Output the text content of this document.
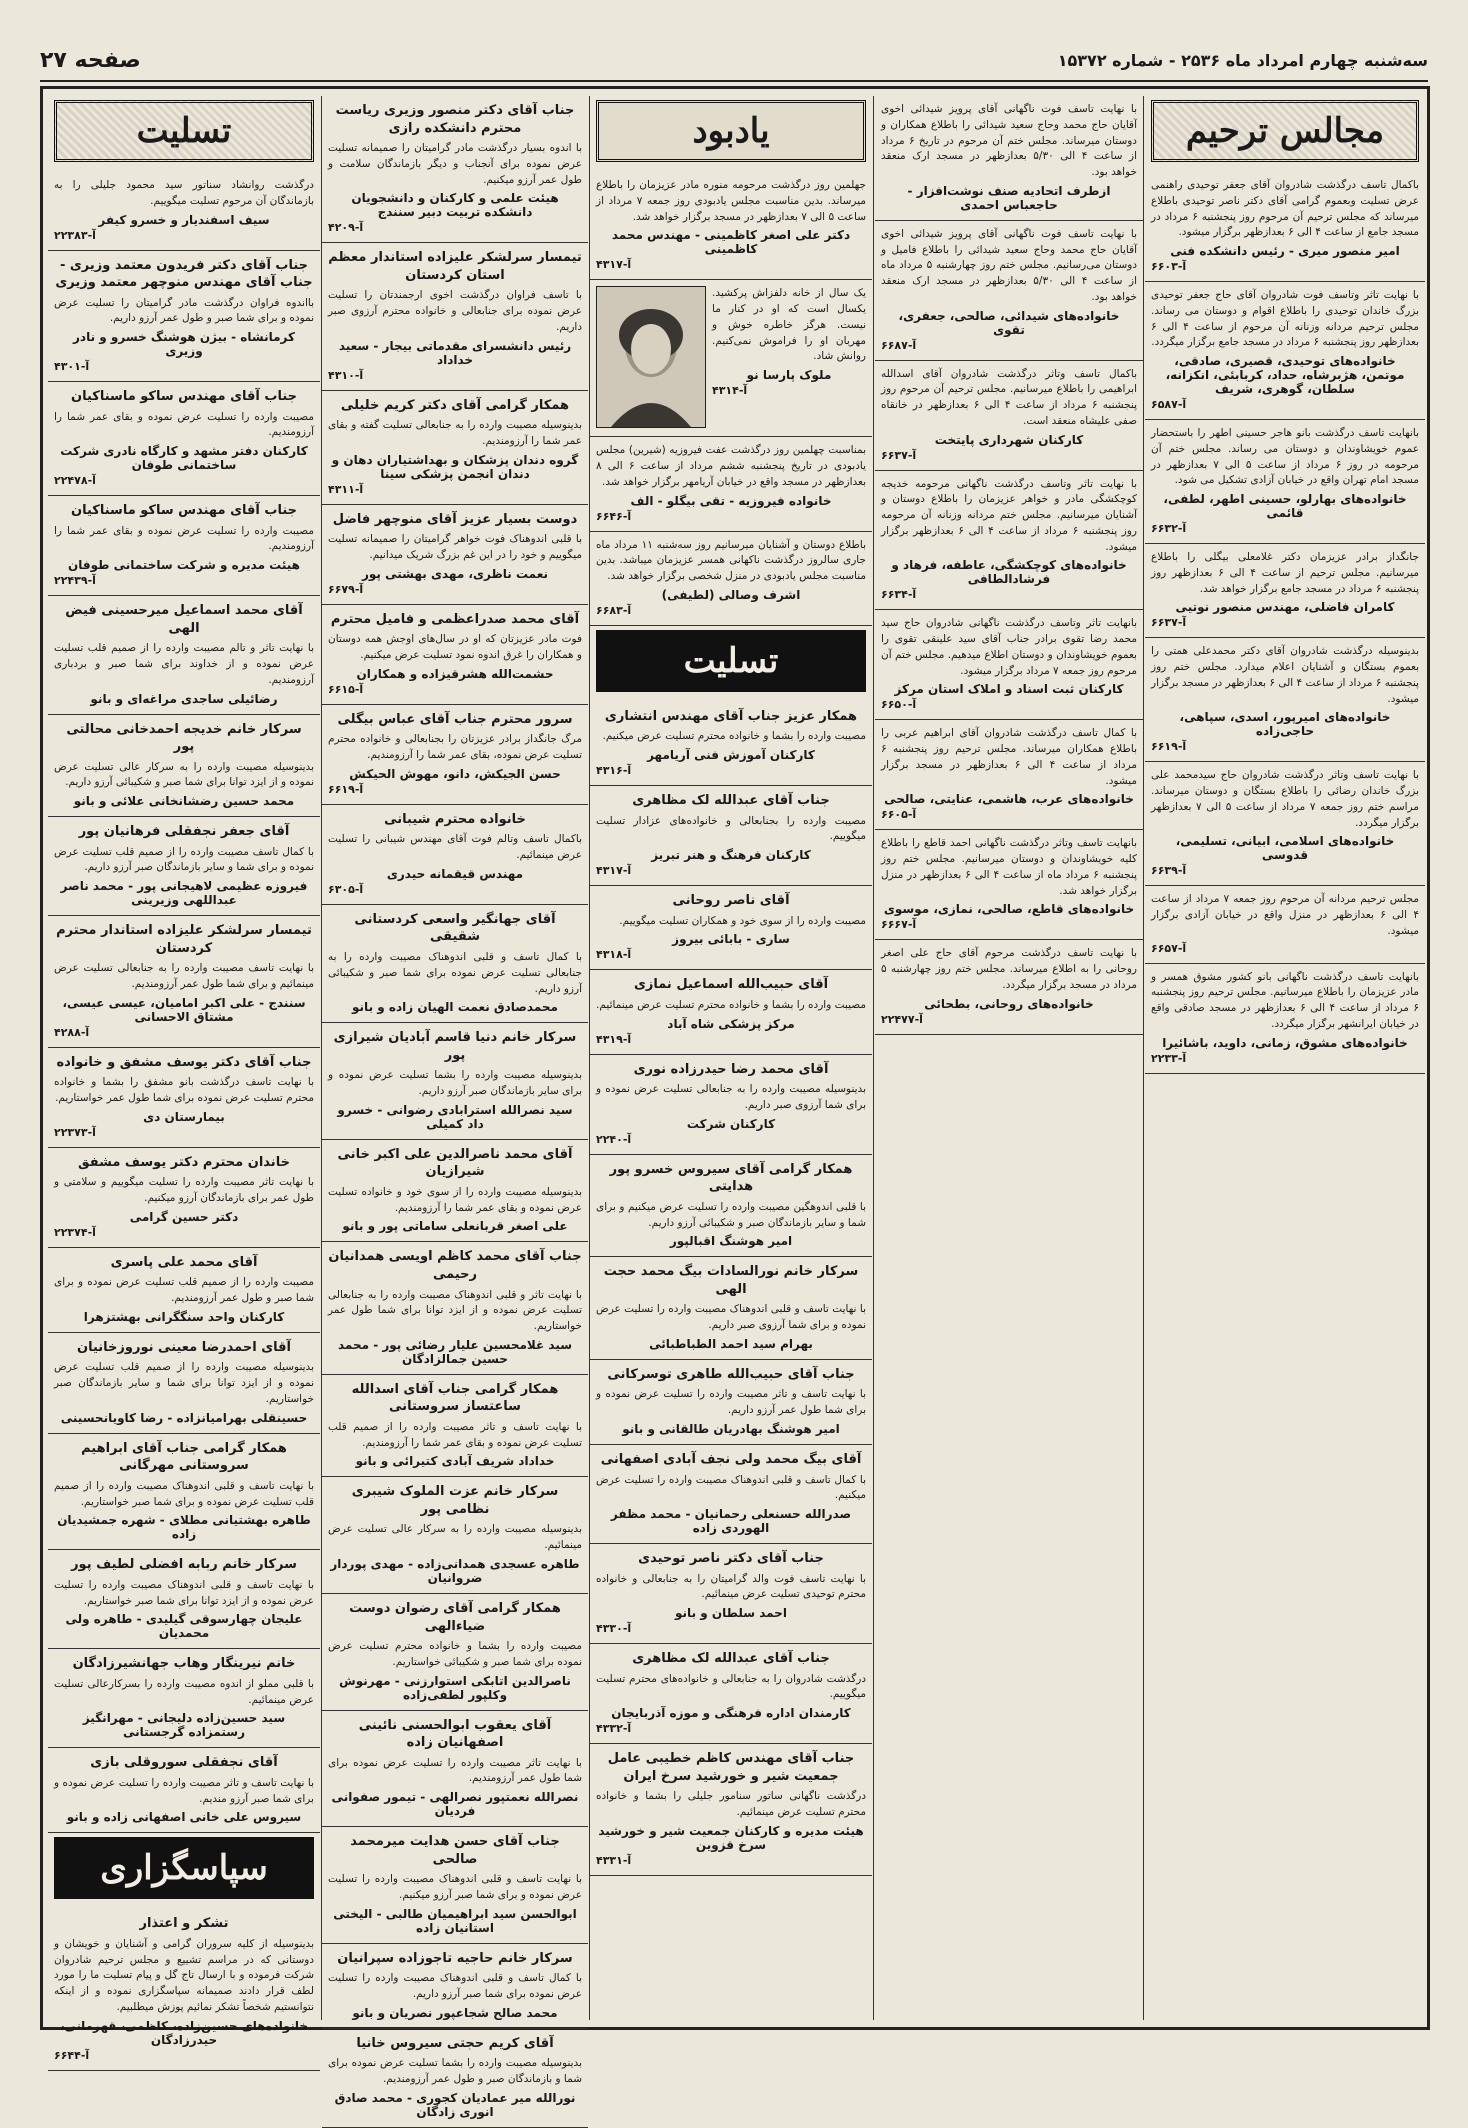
سه‌شنبه چهارم امرداد ماه ۲۵۳۶ - شماره ۱۵۳۷۲
صفحه ۲۷
مجالس ترحیم

باکمال تاسف درگذشت شادروان آقای جعفر توحیدی راهنمی عرض تسلیت وبعموم گرامی آقای دکتر ناصر توحیدی باطلاع میرساند که مجلس ترحیم آن مرحوم روز پنجشنبه ۶ مرداد در مسجد جامع از ساعت ۴ الی ۶ بعدازظهر برگزار میشود.

امیر منصور میری - رئیس دانشکده فنی
آ-۶۶۰۳

با نهایت تاثر وتاسف فوت شادروان آقای حاج جعفر توحیدی بزرگ خاندان توحیدی را باطلاع اقوام و دوستان می رساند. مجلس ترحیم مردانه وزنانه آن مرحوم از ساعت ۴ الی ۶ بعدازظهر روز پنجشنبه ۶ مرداد در مسجد جامع برگزار میگردد.

خانواده‌های توحیدی، قصیری، صادقی، موتمن، هژبرشاه، حداد، کربابئی، انکزانه، سلطان، گوهری، شریف
آ-۶۵۸۷

بانهایت تاسف درگذشت بانو هاجر حسینی اطهر را باستحضار عموم خویشاوندان و دوستان می رساند. مجلس ختم آن مرحومه در روز ۶ مرداد از ساعت ۵ الی ۷ بعدازظهر در مسجد امام تهران واقع در خیابان آزادی تشکیل می شود.

خانواده‌های بهارلو، حسینی اطهر، لطفی، قائمی
آ-۶۶۳۲

جانگداز برادر عزیزمان دکتر غلامعلی بیگلی را باطلاع میرسانیم. مجلس ترحیم از ساعت ۴ الی ۶ بعدازظهر روز پنجشنبه ۶ مرداد در مسجد جامع برگزار خواهد شد.

کامران فاضلی، مهندس منصور نوتیی
آ-۶۶۳۷

بدینوسیله درگذشت شادروان آقای دکتر محمدعلی همتی را بعموم بستگان و آشنایان اعلام میدارد. مجلس ختم روز پنجشنبه ۶ مرداد از ساعت ۴ الی ۶ بعدازظهر در مسجد برگزار میشود.

خانواده‌های امیرپور، اسدی، سپاهی، حاجی‌زاده
آ-۶۶۱۹

با نهایت تاسف وتاثر درگذشت شادروان حاج سیدمحمد علی بزرگ خاندان رضائی را باطلاع بستگان و دوستان میرساند. مراسم ختم روز جمعه ۷ مرداد از ساعت ۵ الی ۷ بعدازظهر برگزار میگردد.

خانواده‌های اسلامی، ابیانی، تسلیمی، قدوسی
آ-۶۶۳۹

مجلس ترحیم مردانه آن مرحوم روز جمعه ۷ مرداد از ساعت ۴ الی ۶ بعدازظهر در منزل واقع در خیابان آزادی برگزار میشود.

آ-۶۶۵۷

بانهایت تاسف درگذشت ناگهانی بانو کشور مشوق همسر و مادر عزیزمان را باطلاع میرسانیم. مجلس ترحیم روز پنجشنبه ۶ مرداد از ساعت ۴ الی ۶ بعدازظهر در مسجد صادقی واقع در خیابان ایرانشهر برگزار میگردد.

خانواده‌های مشوق، زمانی، داوید، باشائیرا
آ-۲۲۳۳

با نهایت تاسف فوت ناگهانی آقای پرویز شیدائی اخوی آقایان حاج محمد وحاج سعید شیدائی را باطلاع همکاران و دوستان میرساند. مجلس ختم آن مرحوم در تاریخ ۶ مرداد از ساعت ۴ الی ۵/۳۰ بعدازظهر در مسجد ارک منعقد خواهد بود.

ازطرف اتحادیه صنف نوشت‌افزار - حاجعباس احمدی

با نهایت تاسف فوت ناگهانی آقای پرویز شیدائی اخوی آقایان حاج محمد وحاج سعید شیدائی را باطلاع فامیل و دوستان می‌رسانیم. مجلس ختم روز چهارشنبه ۵ مرداد ماه از ساعت ۴ الی ۵/۳۰ بعدازظهر در مسجد ارک منعقد خواهد بود.

خانواده‌های شیدائی، صالحی، جعفری، تقوی
آ-۶۶۸۷

باکمال تاسف وتاثر درگذشت شادروان آقای اسدالله ابراهیمی را باطلاع میرسانیم. مجلس ترحیم آن مرحوم روز پنجشنبه ۶ مرداد از ساعت ۴ الی ۶ بعدازظهر در خانقاه صفی علیشاه منعقد است.

کارکنان شهرداری پایتخت
آ-۶۶۳۷

با نهایت تاثر وتاسف درگذشت ناگهانی مرحومه خدیجه کوچکشگی مادر و خواهر عزیزمان را باطلاع دوستان و آشنایان میرسانیم. مجلس ختم مردانه وزنانه آن مرحومه روز پنجشنبه ۶ مرداد از ساعت ۴ الی ۶ بعدازظهر برگزار میشود.

خانواده‌های کوچکشگی، عاطفه، فرهاد و فرشادالطافی
آ-۶۶۳۴

بانهایت تاثر وتاسف درگذشت ناگهانی شادروان حاج سید محمد رضا تقوی برادر جناب آقای سید علینقی تقوی را بعموم خویشاوندان و دوستان اطلاع میدهیم. مجلس ختم آن مرحوم روز جمعه ۷ مرداد برگزار میشود.

کارکنان ثبت اسناد و املاک استان مرکز
آ-۶۶۵۰

با کمال تاسف درگذشت شادروان آقای ابراهیم عربی را باطلاع همکاران میرساند. مجلس ترحیم روز پنجشنبه ۶ مرداد از ساعت ۴ الی ۶ بعدازظهر در مسجد برگزار میشود.

خانواده‌های عرب، هاشمی، عنایتی، صالحی
آ-۶۶۰۵

بانهایت تاسف وتاثر درگذشت ناگهانی احمد قاطع را باطلاع کلیه خویشاوندان و دوستان میرسانیم. مجلس ختم روز پنجشنبه ۶ مرداد ماه از ساعت ۴ الی ۶ بعدازظهر در منزل برگزار خواهد شد.

خانواده‌های قاطع، صالحی، نمازی، موسوی
آ-۶۶۶۷

با نهایت تاسف درگذشت مرحوم آقای حاج علی اصغر روحانی را به اطلاع میرساند. مجلس ختم روز چهارشنبه ۵ مرداد در مسجد برگزار میگردد.

خانواده‌های روحانی، بطحائی
آ-۲۲۴۷۷
یادبود

جهلمین روز درگذشت مرحومه منوره مادر عزیزمان را باطلاع میرساند. بدین مناسبت مجلس یادبودی روز جمعه ۷ مرداد از ساعت ۵ الی ۷ بعدازظهر در مسجد برگزار خواهد شد.

دکتر علی اصغر کاظمینی - مهندس محمد کاظمینی
آ-۴۳۱۷

یک سال از خانه دلفزاش پرکشید. یکسال است که او در کنار ما نیست. هرگز خاطره خوش و مهربان او را فراموش نمی‌کنیم. روانش شاد.

ملوک پارسا نو
آ-۴۳۱۴

بمناسبت چهلمین روز درگذشت عفت فیروزیه (شیرین) مجلس یادبودی در تاریخ پنجشنبه ششم مرداد از ساعت ۶ الی ۸ بعدازظهر در مسجد واقع در خیابان آریامهر برگزار خواهد شد.

خانواده فیروزیه - تقی بیگلو - الف
آ-۶۶۴۶

باطلاع دوستان و آشنایان میرسانیم روز سه‌شنبه ۱۱ مرداد ماه جاری سالروز درگذشت ناکهانی همسر عزیزمان میباشد. بدین مناسبت مجلس یادبودی در منزل شخصی برگزار خواهد شد.

اشرف وصالی (لطیفی)
آ-۶۶۸۳
تسلیت
همکار عزیز جناب آقای مهندس انتشاری

مصیبت وارده را بشما و خانواده محترم تسلیت عرض میکنیم.

کارکنان آموزش فنی آریامهر
آ-۴۳۱۶
جناب آقای عبدالله لک مظاهری

مصیبت وارده را بجنابعالی و خانواده‌های عزادار تسلیت میگوییم.

کارکنان فرهنگ و هنر تبریز
آ-۴۳۱۷
آقای ناصر روحانی

مصیبت وارده را از سوی خود و همکاران تسلیت میگوییم.

ساری - بابائی بیروز
آ-۴۳۱۸
آقای حبیب‌الله اسماعیل نمازی

مصیبت وارده را بشما و خانواده محترم تسلیت عرض مینمائیم.

مرکز پزشکی شاه آباد
آ-۴۳۱۹
آقای محمد رضا حیدرزاده نوری

بدینوسیله مصیبت وارده را به جنابعالی تسلیت عرض نموده و برای شما آرزوی صبر داریم.

کارکنان شرکت
آ-۲۲۴۰
همکار گرامی آقای سیروس خسرو پور هدایتی

با قلبی اندوهگین مصیبت وارده را تسلیت عرض میکنیم و برای شما و سایر بازماندگان صبر و شکیبائی آرزو داریم.

امیر هوشنگ اقبالپور
سرکار خانم نورالسادات بیگ محمد حجت الهی

با نهایت تاسف و قلبی اندوهناک مصیبت وارده را تسلیت عرض نموده و برای شما آرزوی صبر داریم.

بهرام سید احمد الطباطبائی
جناب آقای حبیب‌الله طاهری توسرکانی

با نهایت تاسف و تاثر مصیبت وارده را تسلیت عرض نموده و برای شما طول عمر آرزو داریم.

امیر هوشنگ بهادریان طالقانی و بانو
آقای بیگ محمد ولی نجف آبادی اصفهانی

با کمال تاسف و قلبی اندوهناک مصیبت وارده را تسلیت عرض میکنیم.

صدرالله حسنعلی رحمانیان - محمد مظفر الهوردی زاده
جناب آقای دکتر ناصر توحیدی

با نهایت تاسف فوت والد گرامیتان را به جنابعالی و خانواده محترم توحیدی تسلیت عرض مینمائیم.

احمد سلطان و بانو
آ-۴۳۳۰
جناب آقای عبدالله لک مظاهری

درگذشت شادروان را به جنابعالی و خانواده‌های محترم تسلیت میگوییم.

کارمندان اداره فرهنگی و موزه آذربایجان
آ-۴۳۳۲
جناب آقای مهندس کاظم خطیبی عامل جمعیت شیر و خورشید سرخ ایران

درگذشت ناگهانی ساتور سنامور جلیلی را بشما و خانواده محترم تسلیت عرض مینمائیم.

هیئت مدیره و کارکنان جمعیت شیر و خورشید سرخ قزوین
آ-۴۳۳۱
جناب آقای دکتر منصور وزیری ریاست محترم دانشکده رازی

با اندوه بسیار درگذشت مادر گرامیتان را صمیمانه تسلیت عرض نموده برای آنجناب و دیگر بازماندگان سلامت و طول عمر آرزو میکنیم.

هیئت علمی و کارکنان و دانشجویان دانشکده تربیت دبیر سنندج
آ-۴۲۰۹
تیمسار سرلشکر علیزاده استاندار معظم استان کردستان

با تاسف فراوان درگذشت اخوی ارجمندتان را تسلیت عرض نموده برای جنابعالی و خانواده محترم آرزوی صبر داریم.

رئیس دانشسرای مقدماتی بیجار - سعید خداداد
آ-۴۳۱۰
همکار گرامی آقای دکتر کریم خلیلی

بدینوسیله مصیبت وارده را به جنابعالی تسلیت گفته و بقای عمر شما را آرزومندیم.

گروه دندان پزشکان و بهداشتیاران دهان و دندان انجمن پزشکی سینا
آ-۴۳۱۱
دوست بسیار عزیز آقای منوچهر فاضل

با قلبی اندوهناک فوت خواهر گرامیتان را صمیمانه تسلیت میگوییم و خود را در این غم بزرگ شریک میدانیم.

نعمت ناظری، مهدی بهشتی پور
آ-۶۶۷۹
آقای محمد صدراعظمی و فامیل محترم

فوت مادر عزیزتان که او در سال‌های اوجش همه دوستان و همکاران را غرق اندوه نمود تسلیت عرض میکنیم.

حشمت‌الله هشرقیزاده و همکاران
آ-۶۶۱۵
سرور محترم جناب آقای عباس بیگلی

مرگ جانگداز برادر عزیزتان را بجنابعالی و خانواده محترم تسلیت عرض نموده، بقای عمر شما را آرزومندیم.

حسن الجیکش، دانو، مهوش الحیکش
آ-۶۶۱۹
خانواده محترم شیبانی

باکمال تاسف وتالم فوت آقای مهندس شیبانی را تسلیت عرض مینمائیم.

مهندس قیقمانه حیدری
آ-۶۳۰۵
آقای جهانگیر واسعی کردستانی شقیقی

با کمال تاسف و قلبی اندوهناک مصیبت وارده را به جنابعالی تسلیت عرض نموده برای شما صبر و شکیبائی آرزو داریم.

محمدصادق نعمت الهیان زاده و بانو
سرکار خانم دنیا قاسم آبادیان شیرازی پور

بدینوسیله مصیبت وارده را بشما تسلیت عرض نموده و برای سایر بازماندگان صبر آرزو داریم.

سید نصرالله استرابادی رضوانی - خسرو داد کمیلی
آقای محمد ناصرالدین علی اکبر خانی شیرازیان

بدینوسیله مصیبت وارده را از سوی خود و خانواده تسلیت عرض نموده و بقای عمر شما را آرزومندیم.

علی اصغر قربانعلی ساماتی پور و بانو
جناب آقای محمد کاظم اویسی همدانیان رحیمی

با نهایت تاثر و قلبی اندوهناک مصیبت وارده را به جنابعالی تسلیت عرض نموده و از ایزد توانا برای شما طول عمر خواستاریم.

سید غلامحسین علیار رضائی پور - محمد حسین جمالزادگان
همکار گرامی جناب آقای اسدالله ساعتساز سروستانی

با نهایت تاسف و تاثر مصیبت وارده را از صمیم قلب تسلیت عرض نموده و بقای عمر شما را آرزومندیم.

خداداد شریف آبادی کتیرائی و بانو
سرکار خانم عزت الملوک شیبری نظامی پور

بدینوسیله مصیبت وارده را به سرکار عالی تسلیت عرض مینمائیم.

طاهره عسجدی همدانی‌زاده - مهدی پوردار ضروانیان
همکار گرامی آقای رضوان دوست ضیاءالهی

مصیبت وارده را بشما و خانواده محترم تسلیت عرض نموده برای شما صبر و شکیبائی خواستاریم.

ناصرالدین اتابکی استوارزنی - مهرنوش وکلپور لطفی‌زاده
آقای یعقوب ابوالحسنی نائینی اصفهانیان زاده

با نهایت تاثر مصیبت وارده را تسلیت عرض نموده برای شما طول عمر آرزومندیم.

نصرالله نعمتپور نصرالهی - تیمور صفوانی فردیان
جناب آقای حسن هدایت میرمحمد صالحی

با نهایت تاسف و قلبی اندوهناک مصیبت وارده را تسلیت عرض نموده و برای شما صبر آرزو میکنیم.

ابوالحسن سید ابراهیمیان طالبی - الیختی استانیان زاده
سرکار خانم حاجیه تاجوزاده سپرانیان

با کمال تاسف و قلبی اندوهناک مصیبت وارده را تسلیت عرض نموده برای شما صبر آرزو داریم.

محمد صالح شجاعپور نصریان و بانو
آقای کریم حجتی سیروس خانیا

بدینوسیله مصیبت وارده را بشما تسلیت عرض نموده برای شما و بازماندگان صبر و طول عمر آرزومندیم.

نورالله میر عمادیان کجوری - محمد صادق انوری زادگان
تسلیت

درگذشت روانشاد سناتور سید محمود جلیلی را به بازماندگان آن مرحوم تسلیت میگوییم.

سیف اسفندیار و خسرو کیفر
آ-۲۲۳۸۳
جناب آقای دکتر فریدون معتمد وزیری - جناب آقای مهندس منوچهر معتمد وزیری

بااندوه فراوان درگذشت مادر گرامیتان را تسلیت عرض نموده و برای شما صبر و طول عمر آرزو داریم.

کرمانشاه - بیژن هوشنگ خسرو و نادر وزیری
آ-۴۳۰۱
جناب آقای مهندس ساکو ماسناکیان

مصیبت وارده را تسلیت عرض نموده و بقای عمر شما را آرزومندیم.

کارکنان دفتر مشهد و کارگاه نادری شرکت ساختمانی طوفان
آ-۲۲۴۷۸
جناب آقای مهندس ساکو ماسناکیان

مصیبت وارده را تسلیت عرض نموده و بقای عمر شما را آرزومندیم.

هیئت مدیره و شرکت ساختمانی طوفان
آ-۲۲۴۳۹
آقای محمد اسماعیل میرحسینی فیض الهی

با نهایت تاثر و تالم مصیبت وارده را از صمیم قلب تسلیت عرض نموده و از خداوند برای شما صبر و بردباری آرزومندیم.

رضائیلی ساجدی مراغه‌ای و بانو
سرکار خانم خدیجه احمدخانی محالتی پور

بدینوسیله مصیبت وارده را به سرکار عالی تسلیت عرض نموده و از ایزد توانا برای شما صبر و شکیبائی آرزو داریم.

محمد حسین رضشانخانی علائی و بانو
آقای جعفر نجفقلی فرهانیان پور

با کمال تاسف مصیبت وارده را از صمیم قلب تسلیت عرض نموده و برای شما و سایر بازماندگان صبر آرزو داریم.

فیروزه عظیمی لاهیجانی پور - محمد ناصر عبداللهی وزیرینی
تیمسار سرلشکر علیزاده استاندار محترم کردستان

با نهایت تاسف مصیبت وارده را به جنابعالی تسلیت عرض مینمائیم و برای شما طول عمر آرزومندیم.

سنندج - علی اکبر امامیان، عیسی عیسی، مشتاق الاحسانی
آ-۴۲۸۸
جناب آقای دکتر یوسف مشفق و خانواده

با نهایت تاسف درگذشت بانو مشفق را بشما و خانواده محترم تسلیت عرض نموده برای شما طول عمر خواستاریم.

بیمارستان دی
آ-۲۲۳۷۳
خاندان محترم دکتر یوسف مشفق

با نهایت تاثر مصیبت وارده را تسلیت میگوییم و سلامتی و طول عمر برای بازماندگان آرزو میکنیم.

دکتر حسین گرامی
آ-۲۲۳۷۴
آقای محمد علی پاسری

مصیبت وارده را از صمیم قلب تسلیت عرض نموده و برای شما صبر و طول عمر آرزومندیم.

کارکنان واحد سنگگرانی بهشتزهرا
آقای احمدرضا معینی نوروزخانیان

بدینوسیله مصیبت وارده را از صمیم قلب تسلیت عرض نموده و از ایزد توانا برای شما و سایر بازماندگان صبر خواستاریم.

حسینقلی بهرامیانزاده - رضا کاویانحسینی
همکار گرامی جناب آقای ابراهیم سروستانی مهرگانی

با نهایت تاسف و قلبی اندوهناک مصیبت وارده را از صمیم قلب تسلیت عرض نموده و برای شما صبر خواستاریم.

طاهره بهشتیانی مطلای - شهره جمشیدیان زاده
سرکار خانم ربابه افضلی لطیف پور

با نهایت تاسف و قلبی اندوهناک مصیبت وارده را تسلیت عرض نموده و از ایزد توانا برای شما صبر خواستاریم.

علیجان چهارسوقی گیلیدی - طاهره ولی محمدیان
خانم نیرینگار وهاب جهانشیرزادگان

با قلبی مملو از اندوه مصیبت وارده را بسرکارعالی تسلیت عرض مینمائیم.

سید حسین‌زاده دلیجانی - مهرانگیز رستمزاده گرجستانی
آقای نجفقلی سوروقلی بازی

با نهایت تاسف و تاثر مصیبت وارده را تسلیت عرض نموده و برای شما صبر آرزو مندیم.

سیروس علی خانی اصفهانی زاده و بانو
سپاسگزاری
تشکر و اعتذار

بدینوسیله از کلیه سروران گرامی و آشنایان و خویشان و دوستانی که در مراسم تشییع و مجلس ترحیم شادروان شرکت فرموده و با ارسال تاج گل و پیام تسلیت ما را مورد لطف قرار دادند صمیمانه سپاسگزاری نموده و از اینکه نتوانستیم شخصاً تشکر نمائیم پوزش میطلبیم.

خانواده‌های حسین‌زاده، کاظمی، قهرمانی، حیدرزادگان
آ-۶۶۴۴
